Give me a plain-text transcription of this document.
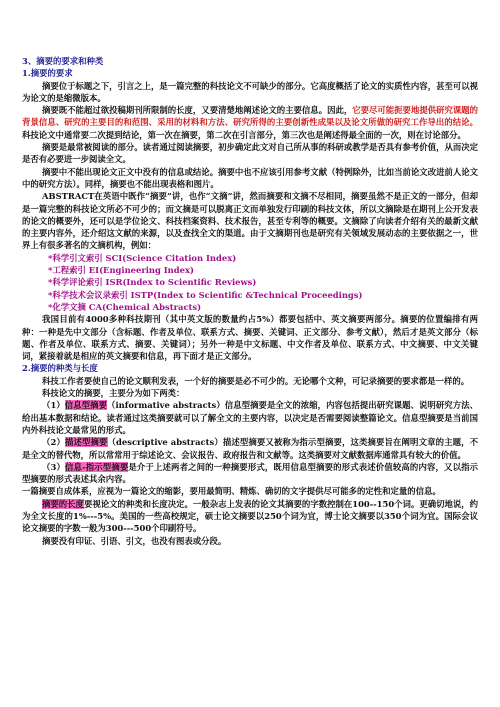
3、摘要的要求和种类

1.摘要的要求

摘要位于标题之下，引言之上，是一篇完整的科技论文不可缺少的部分。它高度概括了论文的实质性内容，甚至可以视为论文的是缩微版本。

摘要既不能超过欲投稿期刊所限制的长度，又要清楚地阐述论文的主要信息。因此，它要尽可能扼要地提供研究课题的背景信息、研究的主要目的和范围、采用的材料和方法、研究所得的主要创新性成果以及论文所做的研究工作导出的结论。科技论文中通常要二次提到结论，第一次在摘要，第二次在引言部分，第三次也是阐述得最全面的一次，则在讨论部分。

摘要是最常被阅读的部分。读者通过阅读摘要，初步确定此文对自己所从事的科研或教学是否具有参考价值，从而决定是否有必要进一步阅读全文。

摘要中不能出现论文正文中没有的信息或结论。摘要中也不应该引用参考文献（特例除外，比如当前论文改进前人论文中的研究方法）。同样，摘要也不能出现表格和图片。

ABSTRACT在英语中既作“摘要”讲，也作“文摘”讲，然而摘要和文摘不尽相同，摘要虽然不是正文的一部分，但却是一篇完整的科技论文所必不可少的；而文摘是可以脱离正文而单独发行印刷的科技文体，所以文摘除是在期刊上公开发表的论文的概要外，还可以是学位论文、科技档案资料、技术报告，甚至专利等的概要。文摘除了向读者介绍有关的最新文献的主要内容外，还介绍这文献的来源，以及查找全文的渠道。由于文摘期刊也是研究有关领域发展动态的主要依据之一，世界上有很多著名的文摘机构，例如：

*科学引文索引 SCI(Science Citation Index)

*工程索引 EI(Engineering Index)

*科学评论索引 ISR(Index to Scientific Reviews)

*科学技术会议录索引 ISTP(Index to Scientific &Technical Proceedings)

*化学文摘 CA(Chemical Abstracts)

我国目前有4000多种科技期刊（其中英文版的数量约占5%）都要包括中、英文摘要两部分。摘要的位置编排有两种：一种是先中文部分（含标题、作者及单位、联系方式、摘要、关键词、正文部分、参考文献），然后才是英文部分（标题、作者及单位、联系方式、摘要、关键词）；另外一种是中文标题、中文作者及单位、联系方式、中文摘要、中文关键词，紧接着就是相应的英文摘要和信息，再下面才是正文部分。

2.摘要的种类与长度

科技工作者要使自己的论文顺利发表，一个好的摘要是必不可少的。无论哪个文种，可记录摘要的要求都是一样的。

科技论文的摘要，主要分为如下两类：

（1）信息型摘要（informative abstracts）信息型摘要是全文的浓缩，内容包括提出研究课题、说明研究方法、给出基本数据和结论。读者通过这类摘要就可以了解全文的主要内容，以决定是否需要阅读整篇论文。信息型摘要是当前国内外科技论文最常见的形式。

（2）描述型摘要（descriptive abstracts）描述型摘要又被称为指示型摘要，这类摘要旨在阐明文章的主题，不是全文的替代物，所以常常用于综述论文、会议报告、政府报告和文献等。这类摘要对文献数据库通常具有较大的价值。

（3）信息-指示型摘要是介于上述两者之间的一种摘要形式，既用信息型摘要的形式表述价值较高的内容，又以指示型摘要的形式表述其余内容。

一篇摘要自成体系，应视为一篇论文的缩影，要用最简明、精炼、确切的文字提供尽可能多的定性和定量的信息。

摘要的长度要视论文的种类和长度决定。一般杂志上发表的论文其摘要的字数控制在100--150个词。更确切地说，约为全文长度的1%---5%。美国的一些高校规定，硕士论文摘要以250个词为宜，博士论文摘要以350个词为宜。国际会议论文摘要的字数一般为300---500个印刷符号。

摘要没有印证、引语、引文，也没有图表或分段。
